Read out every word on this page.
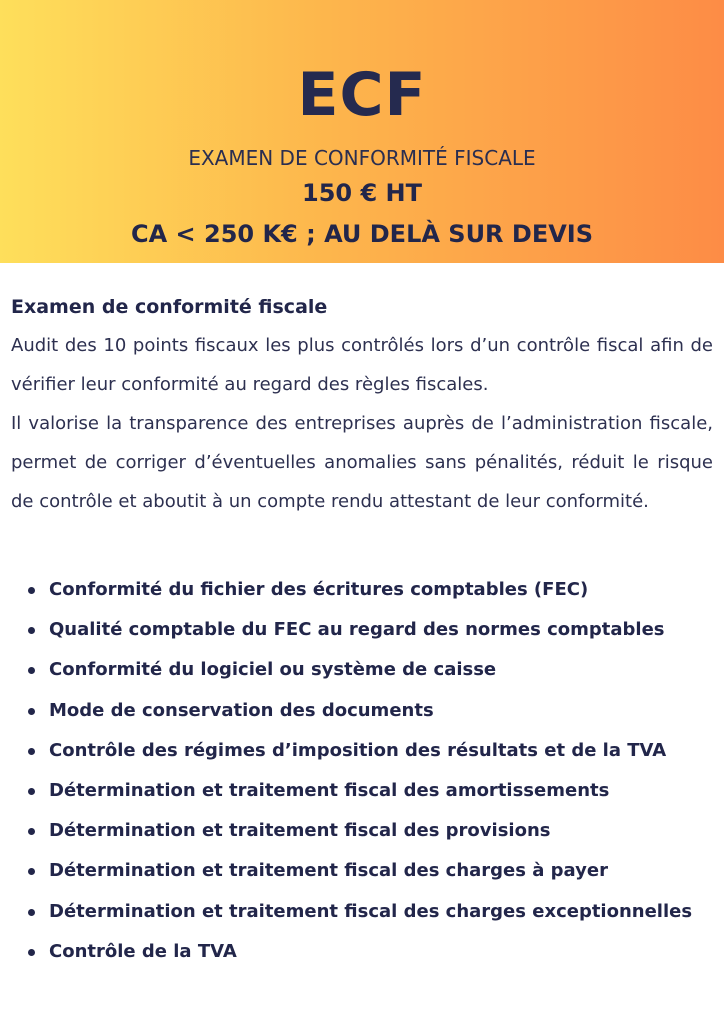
ECF
EXAMEN DE CONFORMITÉ FISCALE
150 € HT
CA < 250 K€ ; AU DELÀ SUR DEVIS
Examen de conformité fiscale

Audit des 10 points fiscaux les plus contrôlés lors d’un contrôle fiscal afin de vérifier leur conformité au regard des règles fiscales.

Il valorise la transparence des entreprises auprès de l’administration fiscale, permet de corriger d’éventuelles anomalies sans pénalités, réduit le risque de contrôle et aboutit à un compte rendu attestant de leur conformité.

Conformité du fichier des écritures comptables (FEC)
Qualité comptable du FEC au regard des normes comptables
Conformité du logiciel ou système de caisse
Mode de conservation des documents
Contrôle des régimes d’imposition des résultats et de la TVA
Détermination et traitement fiscal des amortissements
Détermination et traitement fiscal des provisions
Détermination et traitement fiscal des charges à payer
Détermination et traitement fiscal des charges exceptionnelles
Contrôle de la TVA
